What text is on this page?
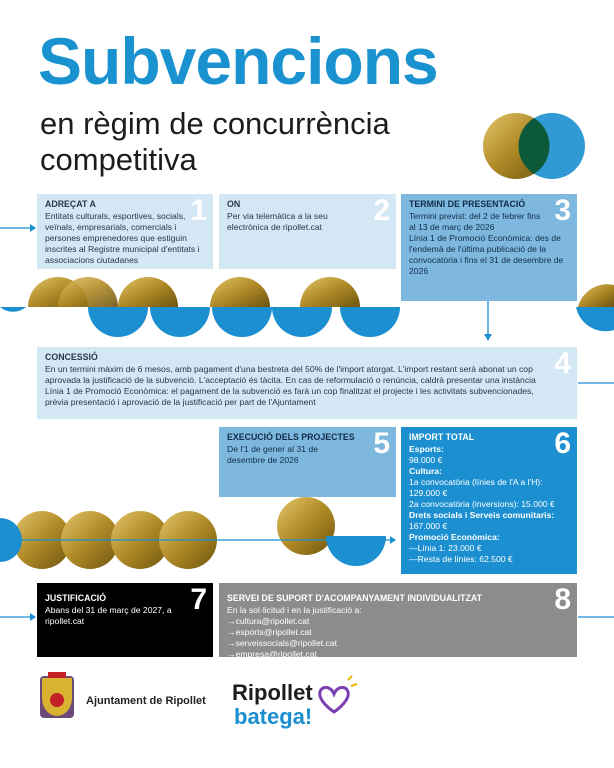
Subvencions
en règim de concurrència
competitiva
1
ADREÇAT A
Entitats culturals, esportives, socials, veïnals, empresarials, comercials i persones emprenedores que estiguin inscrites al Registre municipal d'entitats i associacions ciutadanes
2
ON
Per via telemàtica a la seu electrònica de ripollet.cat	3
TERMINI DE PRESENTACIÓ
Termini previst: del 2 de febrer fins al 13 de març de 2026
Línia 1 de Promoció Econòmica: des de l'endemà de l'última publicació de la convocatòria i fins el 31 de desembre de 2026
4
CONCESSIÓ
En un termini màxim de 6 mesos, amb pagament d'una bestreta del 50% de l'import atorgat. L'import restant serà abonat un cop aprovada la justificació de la subvenció. L'acceptació és tàcita. En cas de reformulació o renúncia, caldrà presentar una instància Línia 1 de Promoció Econòmica: el pagament de la subvenció es farà un cop finalitzat el projecte i les activitats subvencionades, prèvia presentació i aprovació de la justificació per part de l'Ajuntament
5
EXECUCIÓ DELS PROJECTES
De l'1 de gener al 31 de desembre de 2026	6
IMPORT TOTAL
Esports:
98.000 €
Cultura:
1a convocatòria (línies de l'A a l'H): 129.000 €
2a convocatòria (inversions): 15.000 €
Drets socials i Serveis comunitaris:
167.000 €
Promoció Econòmica:
—Línia 1: 23.000 €
—Resta de línies: 62.500 €
7
JUSTIFICACIÓ
Abans del 31 de març de 2027, a ripollet.cat
8
SERVEI DE SUPORT D'ACOMPANYAMENT INDIVIDUALITZAT
En la sol·licitud i en la justificació a:
→cultura@ripollet.cat
→esports@ripollet.cat
→serveissocials@ripollet.cat
→empresa@ripollet.cat
Ajuntament de Ripollet Ripollet
batega!
